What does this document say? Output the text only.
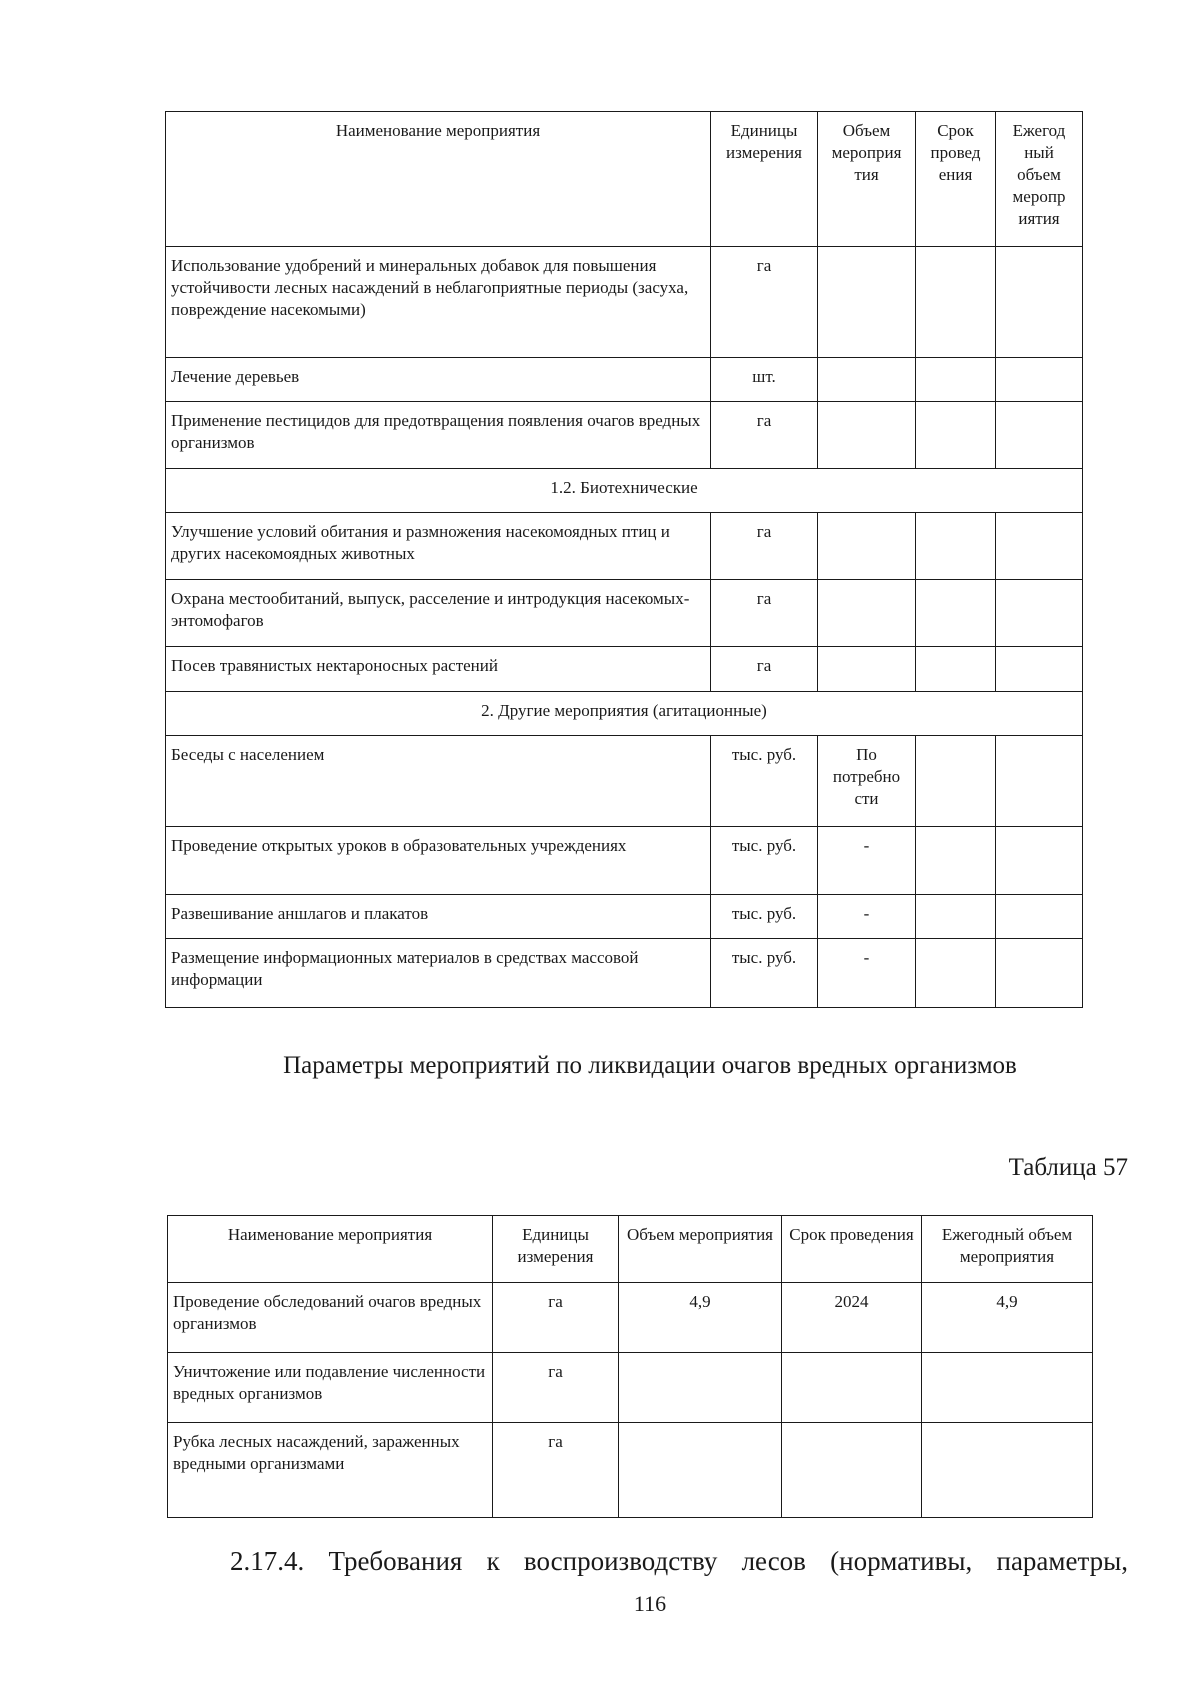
Наименование мероприятия	Единицы измерения	Объем мероприя тия	Срок провед ения	Ежегод ный объем меропр иятия
Использование удобрений и минеральных добавок для повышения устойчивости лесных насаждений в неблагоприятные периоды (засуха, повреждение насекомыми)	га			
Лечение деревьев	шт.			
Применение пестицидов для предотвращения появления очагов вредных организмов	га			
1.2. Биотехнические				
Улучшение условий обитания и размножения насекомоядных птиц и других насекомоядных животных	га			
Охрана местообитаний, выпуск, расселение и интродукция насекомых-энтомофагов	га			
Посев травянистых нектароносных растений	га			
2. Другие мероприятия (агитационные)				
Беседы с населением	тыс. руб.	По потребно сти		
Проведение открытых уроков в образовательных учреждениях	тыс. руб.	-		
Развешивание аншлагов и плакатов	тыс. руб.	-		
Размещение информационных материалов в средствах массовой информации	тыс. руб.	-		
Параметры мероприятий по ликвидации очагов вредных организмов
Таблица 57
Наименование мероприятия	Единицы измерения	Объем мероприятия	Срок проведения	Ежегодный объем мероприятия
Проведение обследований очагов вредных организмов	га	4,9	2024	4,9
Уничтожение или подавление численности вредных организмов	га			
Рубка лесных насаждений, зараженных вредными организмами	га			
2.17.4. Требования к воспроизводству лесов (нормативы, параметры,
116
